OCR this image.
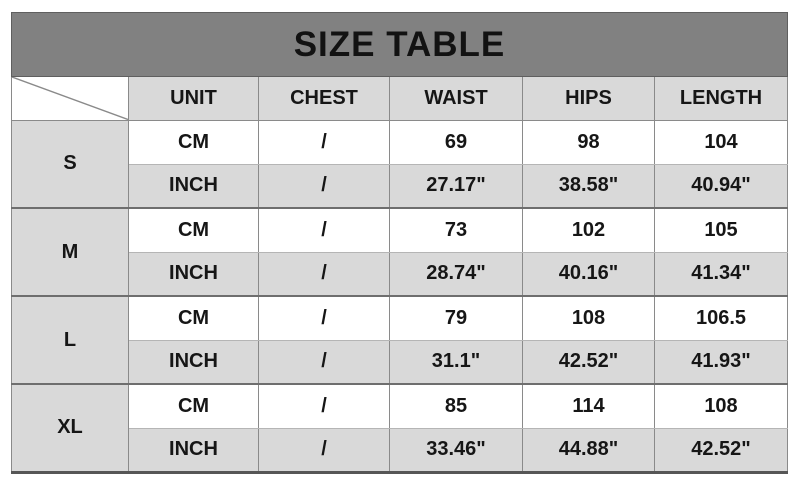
SIZE TABLE
	UNIT	CHEST	WAIST	HIPS	LENGTH
S	CM	/	69	98	104
	INCH	/	27.17"	38.58"	40.94"
M	CM	/	73	102	105
	INCH	/	28.74"	40.16"	41.34"
L	CM	/	79	108	106.5
	INCH	/	31.1"	42.52"	41.93"
XL	CM	/	85	114	108
	INCH	/	33.46"	44.88"	42.52"
